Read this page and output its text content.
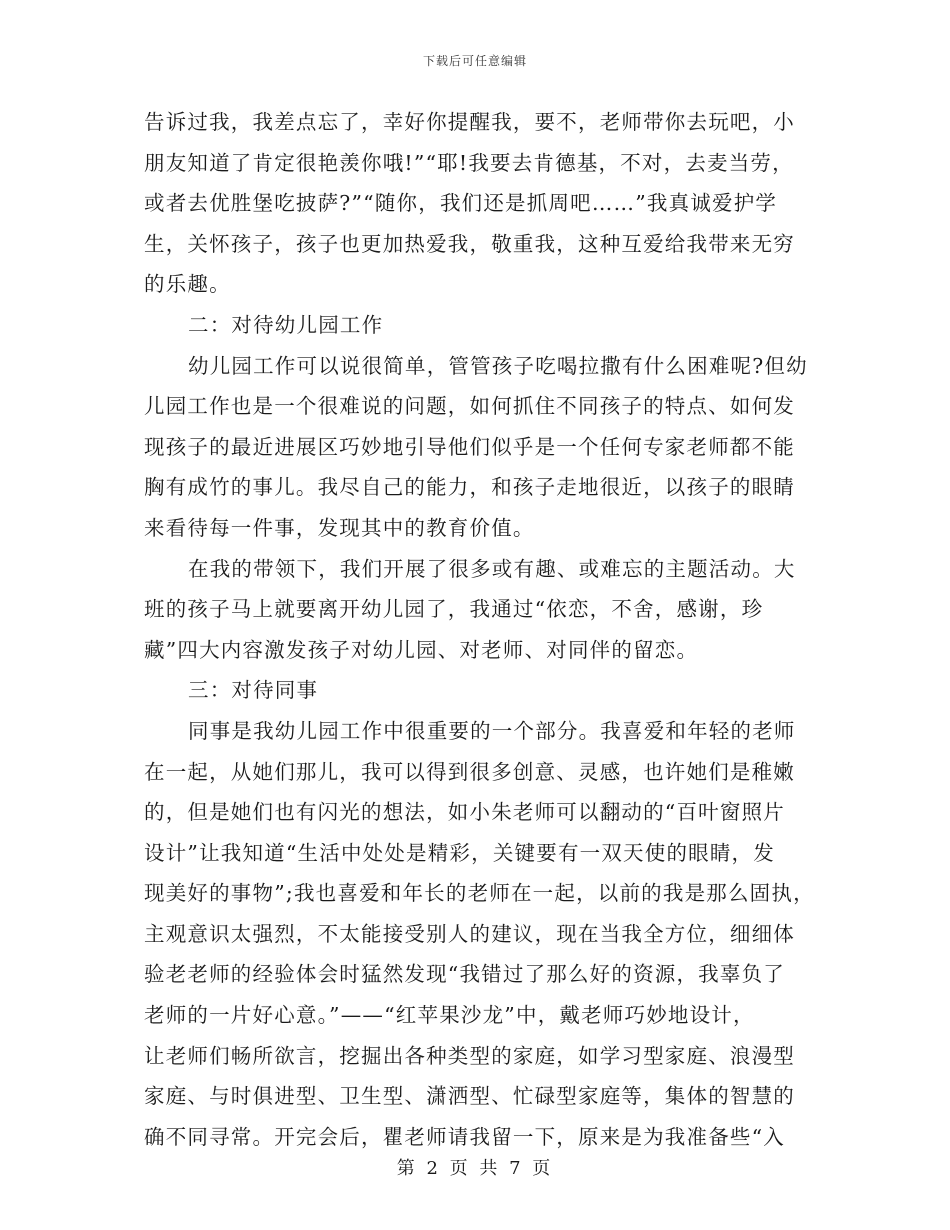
下载后可任意编辑
告诉过我，我差点忘了，幸好你提醒我，要不，老师带你去玩吧，小
朋友知道了肯定很艳羡你哦!”“耶!我要去肯德基，不对，去麦当劳，
或者去优胜堡吃披萨?”“随你，我们还是抓周吧……”我真诚爱护学
生，关怀孩子，孩子也更加热爱我，敬重我，这种互爱给我带来无穷
的乐趣。
二：对待幼儿园工作
幼儿园工作可以说很简单，管管孩子吃喝拉撒有什么困难呢?但幼
儿园工作也是一个很难说的问题，如何抓住不同孩子的特点、如何发
现孩子的最近进展区巧妙地引导他们似乎是一个任何专家老师都不能
胸有成竹的事儿。我尽自己的能力，和孩子走地很近，以孩子的眼睛
来看待每一件事，发现其中的教育价值。
在我的带领下，我们开展了很多或有趣、或难忘的主题活动。大
班的孩子马上就要离开幼儿园了，我通过“依恋，不舍，感谢，珍
藏”四大内容激发孩子对幼儿园、对老师、对同伴的留恋。
三：对待同事
同事是我幼儿园工作中很重要的一个部分。我喜爱和年轻的老师
在一起，从她们那儿，我可以得到很多创意、灵感，也许她们是稚嫩
的，但是她们也有闪光的想法，如小朱老师可以翻动的“百叶窗照片
设计”让我知道“生活中处处是精彩，关键要有一双天使的眼睛，发
现美好的事物”;我也喜爱和年长的老师在一起，以前的我是那么固执，
主观意识太强烈，不太能接受别人的建议，现在当我全方位，细细体
验老老师的经验体会时猛然发现“我错过了那么好的资源，我辜负了
老师的一片好心意。”——“红苹果沙龙”中，戴老师巧妙地设计，
让老师们畅所欲言，挖掘出各种类型的家庭，如学习型家庭、浪漫型
家庭、与时俱进型、卫生型、潇洒型、忙碌型家庭等，集体的智慧的
确不同寻常。开完会后，瞿老师请我留一下，原来是为我准备些“入
第 2 页 共 7 页
